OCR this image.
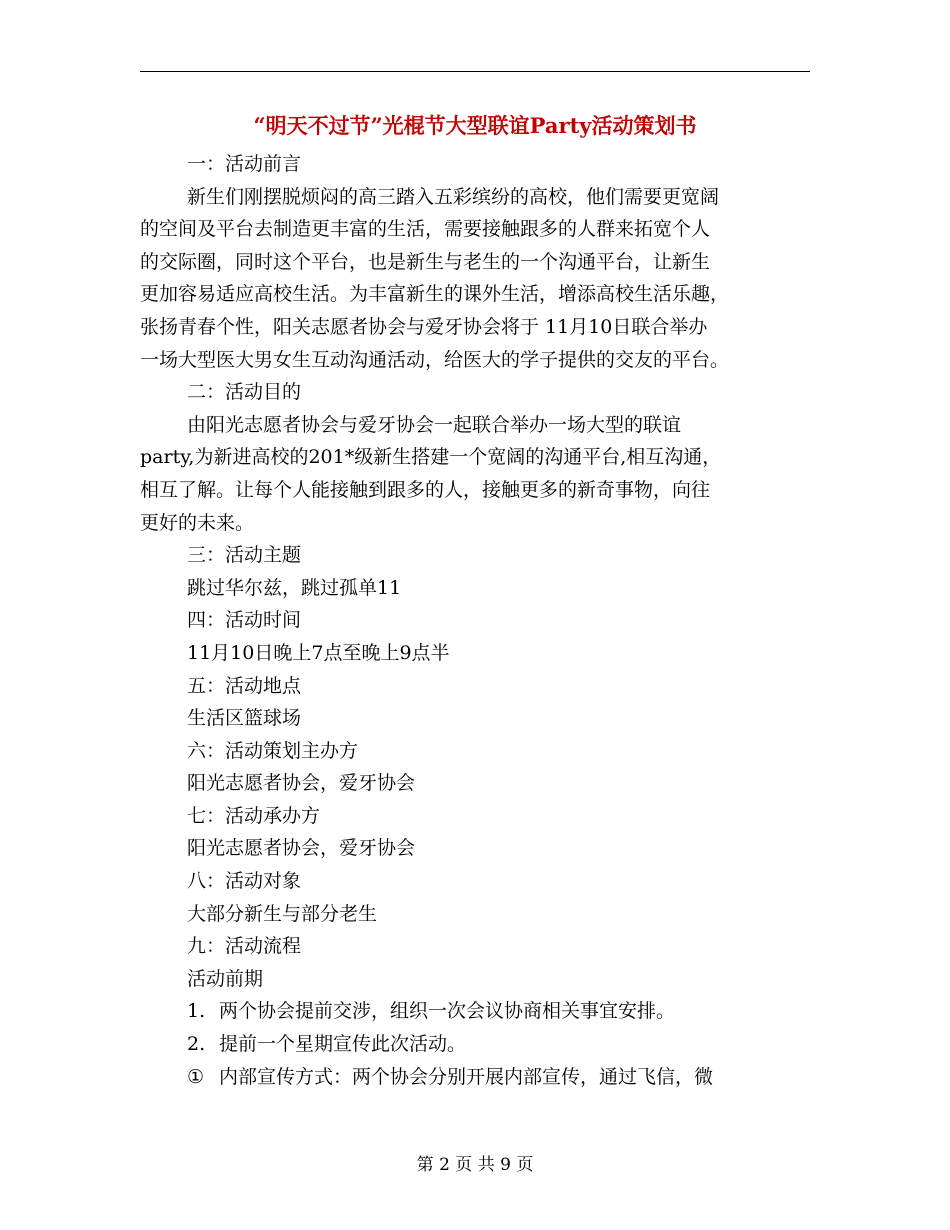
“明天不过节”光棍节大型联谊Party活动策划书
一：活动前言
新生们刚摆脱烦闷的高三踏入五彩缤纷的高校，他们需要更宽阔
的空间及平台去制造更丰富的生活，需要接触跟多的人群来拓宽个人
的交际圈，同时这个平台，也是新生与老生的一个沟通平台，让新生
更加容易适应高校生活。为丰富新生的课外生活，增添高校生活乐趣，
张扬青春个性，阳关志愿者协会与爱牙协会将于 11月10日联合举办
一场大型医大男女生互动沟通活动，给医大的学子提供的交友的平台。
二：活动目的
由阳光志愿者协会与爱牙协会一起联合举办一场大型的联谊
party,为新进高校的201*级新生搭建一个宽阔的沟通平台,相互沟通，
相互了解。让每个人能接触到跟多的人，接触更多的新奇事物，向往
更好的未来。
三：活动主题
跳过华尔兹，跳过孤单11
四：活动时间
11月10日晚上7点至晚上9点半
五：活动地点
生活区篮球场
六：活动策划主办方
阳光志愿者协会，爱牙协会
七：活动承办方
阳光志愿者协会，爱牙协会
八：活动对象
大部分新生与部分老生
九：活动流程
活动前期
1. 两个协会提前交涉，组织一次会议协商相关事宜安排。
2. 提前一个星期宣传此次活动。
① 内部宣传方式：两个协会分别开展内部宣传，通过飞信，微
第 2 页 共 9 页
